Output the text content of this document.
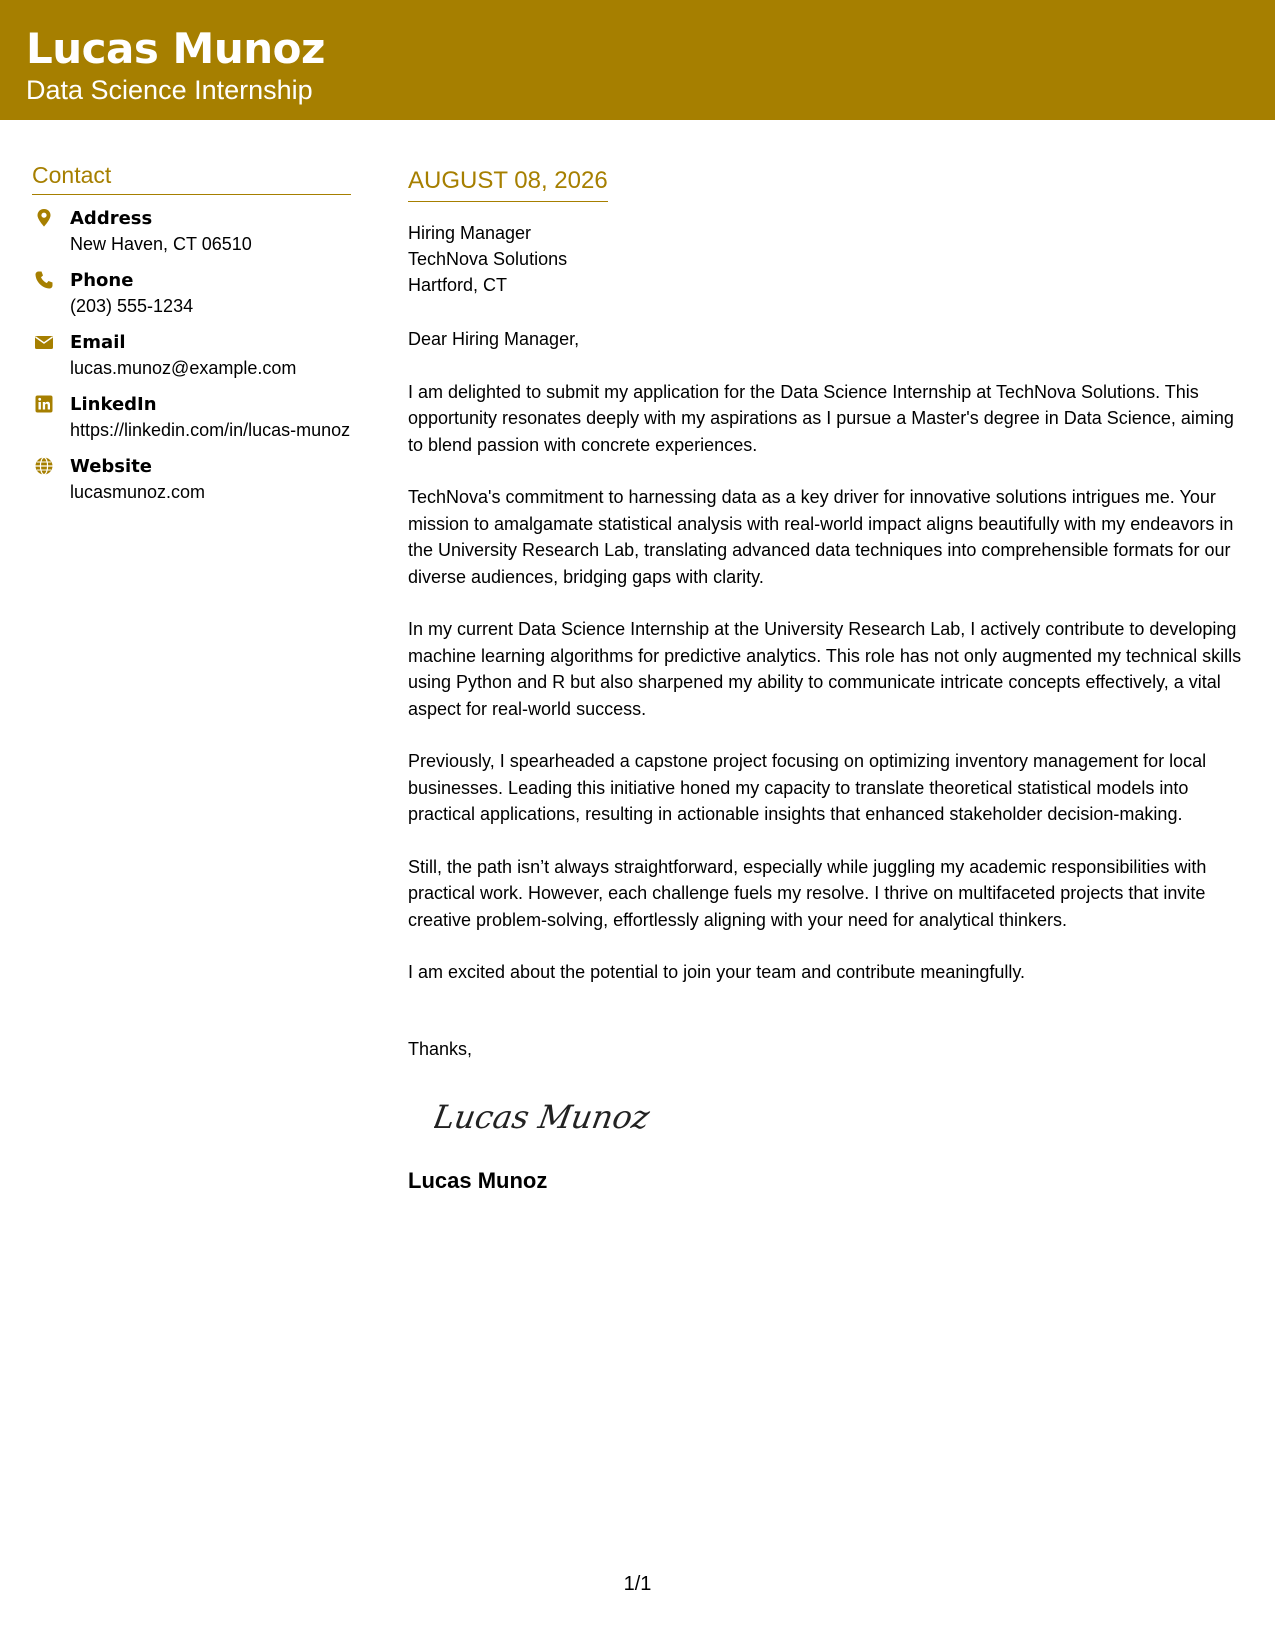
Lucas Munoz
Data Science Internship
Contact
Address
New Haven, CT 06510
Phone
(203) 555-1234
Email
lucas.munoz@example.com
LinkedIn
https://linkedin.com/in/lucas-munoz
Website
lucasmunoz.com
AUGUST 08, 2026
Hiring Manager
TechNova Solutions
Hartford, CT

Dear Hiring Manager,

I am delighted to submit my application for the Data Science Internship at TechNova Solutions. This opportunity resonates deeply with my aspirations as I pursue a Master's degree in Data Science, aiming to blend passion with concrete experiences.

TechNova's commitment to harnessing data as a key driver for innovative solutions intrigues me. Your mission to amalgamate statistical analysis with real-world impact aligns beautifully with my endeavors in the University Research Lab, translating advanced data techniques into comprehensible formats for our diverse audiences, bridging gaps with clarity.

In my current Data Science Internship at the University Research Lab, I actively contribute to developing machine learning algorithms for predictive analytics. This role has not only augmented my technical skills using Python and R but also sharpened my ability to communicate intricate concepts effectively, a vital aspect for real-world success.

Previously, I spearheaded a capstone project focusing on optimizing inventory management for local businesses. Leading this initiative honed my capacity to translate theoretical statistical models into practical applications, resulting in actionable insights that enhanced stakeholder decision-making.

Still, the path isn’t always straightforward, especially while juggling my academic responsibilities with practical work. However, each challenge fuels my resolve. I thrive on multifaceted projects that invite creative problem-solving, effortlessly aligning with your need for analytical thinkers.

I am excited about the potential to join your team and contribute meaningfully.

Thanks,
Lucas Munoz
Lucas Munoz
1/1
